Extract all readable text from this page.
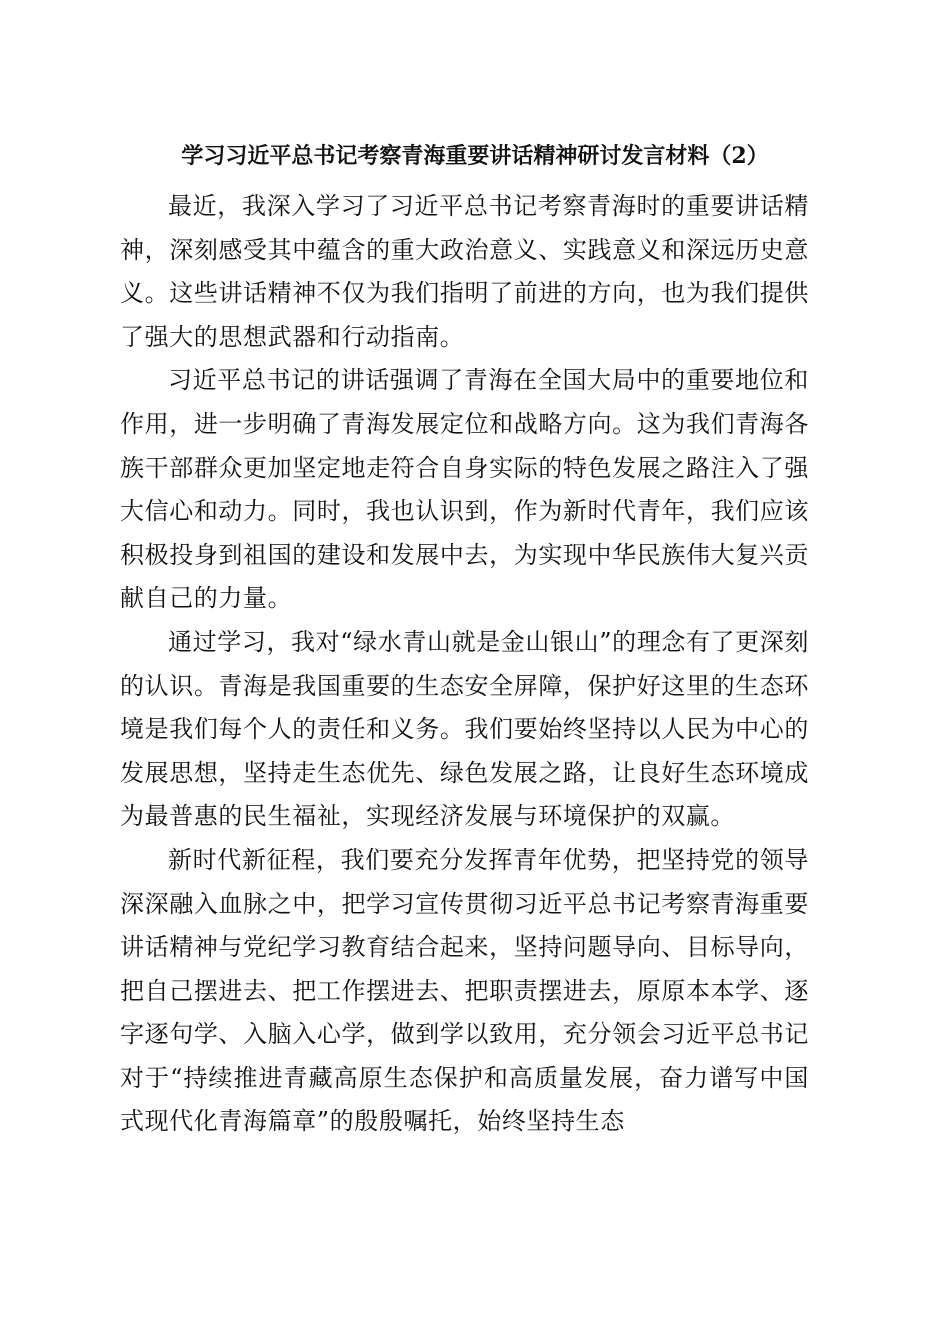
学习习近平总书记考察青海重要讲话精神研讨发言材料（2）

最近，我深入学习了习近平总书记考察青海时的重要讲话精神，深刻感受其中蕴含的重大政治意义、实践意义和深远历史意义。这些讲话精神不仅为我们指明了前进的方向，也为我们提供了强大的思想武器和行动指南。

习近平总书记的讲话强调了青海在全国大局中的重要地位和作用，进一步明确了青海发展定位和战略方向。这为我们青海各族干部群众更加坚定地走符合自身实际的特色发展之路注入了强大信心和动力。同时，我也认识到，作为新时代青年，我们应该积极投身到祖国的建设和发展中去，为实现中华民族伟大复兴贡献自己的力量。

通过学习，我对“绿水青山就是金山银山”的理念有了更深刻的认识。青海是我国重要的生态安全屏障，保护好这里的生态环境是我们每个人的责任和义务。我们要始终坚持以人民为中心的发展思想，坚持走生态优先、绿色发展之路，让良好生态环境成为最普惠的民生福祉，实现经济发展与环境保护的双赢。

新时代新征程，我们要充分发挥青年优势，把坚持党的领导深深融入血脉之中，把学习宣传贯彻习近平总书记考察青海重要讲话精神与党纪学习教育结合起来，坚持问题导向、目标导向，把自己摆进去、把工作摆进去、把职责摆进去，原原本本学、逐字逐句学、入脑入心学，做到学以致用，充分领会习近平总书记对于“持续推进青藏高原生态保护和高质量发展，奋力谱写中国式现代化青海篇章”的殷殷嘱托，始终坚持生态
